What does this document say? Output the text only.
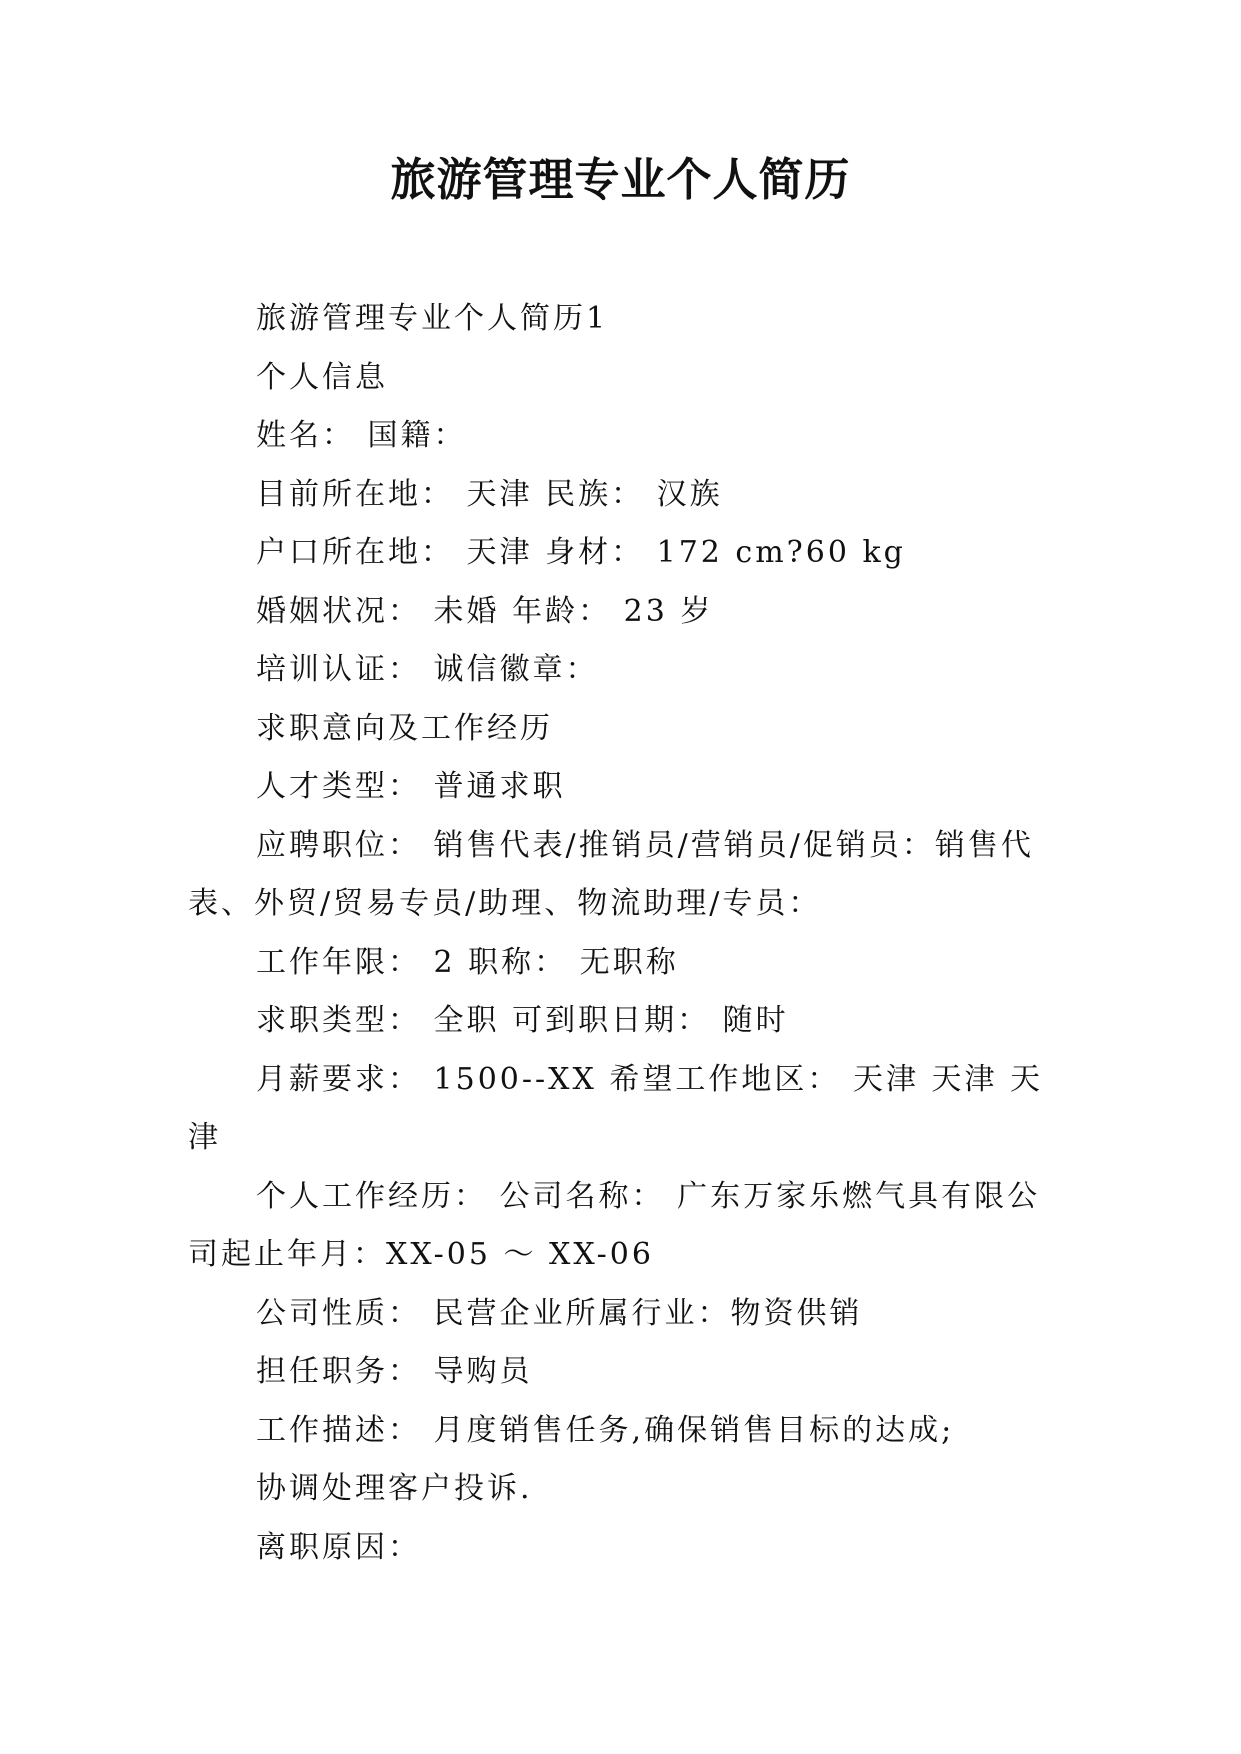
旅游管理专业个人简历

旅游管理专业个人简历1

个人信息

姓名： 国籍：

目前所在地： 天津 民族： 汉族

户口所在地： 天津 身材： 172 cm?60 kg

婚姻状况： 未婚 年龄： 23 岁

培训认证： 诚信徽章：

求职意向及工作经历

人才类型： 普通求职

应聘职位： 销售代表/推销员/营销员/促销员：销售代表、外贸/贸易专员/助理、物流助理/专员：

工作年限： 2 职称： 无职称

求职类型： 全职 可到职日期： 随时

月薪要求： 1500--XX 希望工作地区： 天津 天津 天津

个人工作经历： 公司名称： 广东万家乐燃气具有限公司起止年月：XX-05 ～ XX-06

公司性质： 民营企业所属行业：物资供销

担任职务： 导购员

工作描述： 月度销售任务,确保销售目标的达成;

协调处理客户投诉.

离职原因：
